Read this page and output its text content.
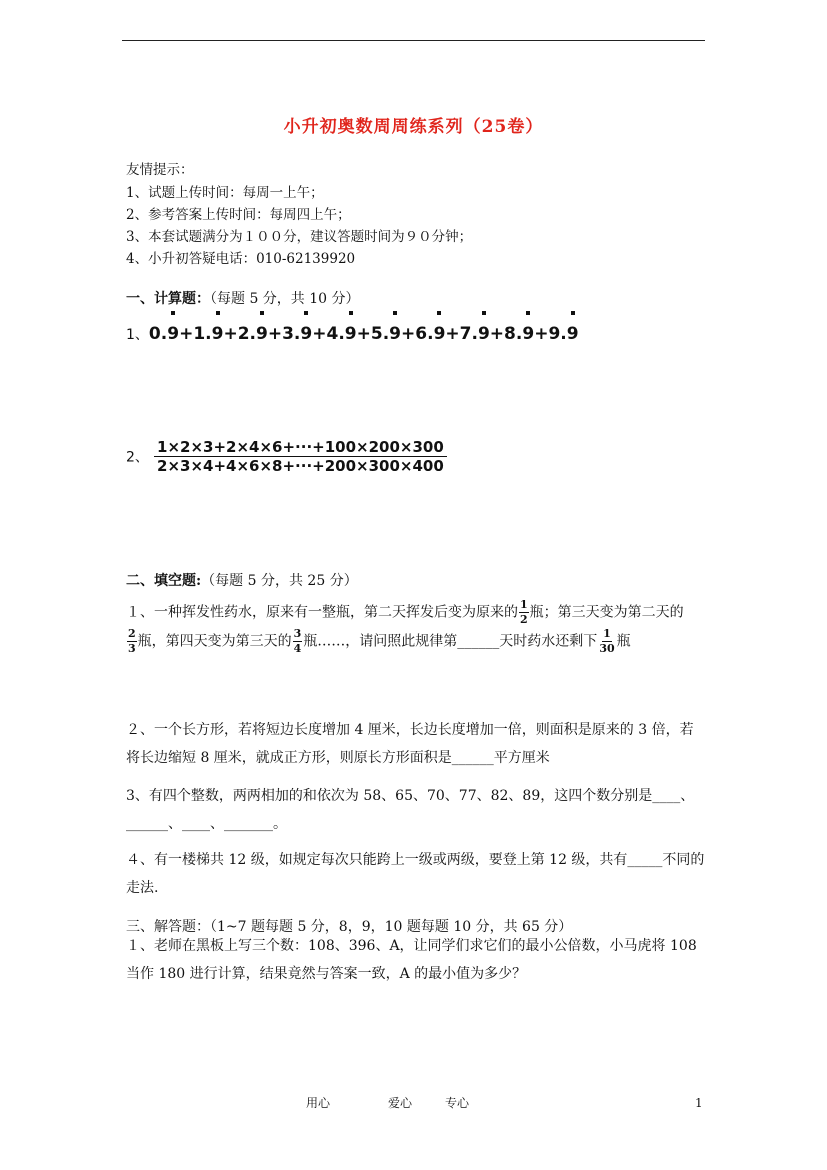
小升初奥数周周练系列（25卷）
友情提示：
1、试题上传时间：每周一上午；
2、参考答案上传时间：每周四上午；
3、本套试题满分为１００分，建议答题时间为９０分钟；
4、小升初答疑电话：010-62139920
一、计算题：（每题 5 分，共 10 分）
1、0.9+1.9+2.9+3.9+4.9+5.9+6.9+7.9+8.9+9.9
2、 $\frac{1\times 2\times 3+2\times 4\times 6+\cdot\cdot\cdot+100\times 200\times 300}{2\times 3\times 4+4\times 6\times 8+\cdot\cdot\cdot+200\times 300\times 400}$
二、填空题:（每题 5 分，共 25 分）
１、一种挥发性药水，原来有一整瓶，第二天挥发后变为原来的 $\frac{1}{2}$ 瓶；第三天变为第二天的

$\frac{2}{3}$ 瓶，第四天变为第三天的 $\frac{3}{4}$ 瓶……，请问照此规律第______天时药水还剩下 $\frac{1}{30}$ 瓶
２、一个长方形，若将短边长度增加 4 厘米，长边长度增加一倍，则面积是原来的 3 倍，若将长边缩短 8 厘米，就成正方形，则原长方形面积是______平方厘米
3、有四个整数，两两相加的和依次为 58、65、70、77、82、89，这四个数分别是____、______、____、_______。
４、有一楼梯共 12 级，如规定每次只能跨上一级或两级，要登上第 12 级，共有_____不同的走法.
三、解答题：（1~7 题每题 5 分，8，9，10 题每题 10 分，共 65 分）
１、老师在黑板上写三个数：108、396、A，让同学们求它们的最小公倍数，小马虎将 108 当作 180 进行计算，结果竟然与答案一致，A 的最小值为多少？
用心	爱心	专心	1
